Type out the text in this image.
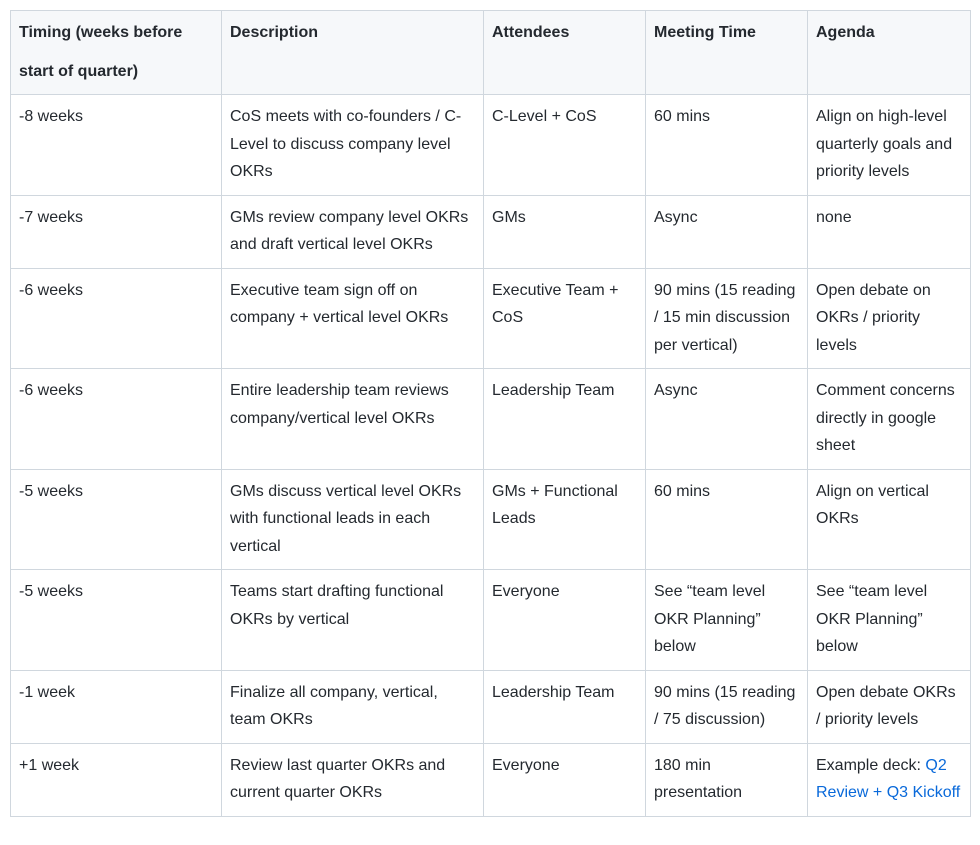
Timing (weeks before start of quarter)	Description	Attendees	Meeting Time	Agenda
-8 weeks	CoS meets with co-founders / C-Level to discuss company level OKRs	C-Level + CoS	60 mins	Align on high-level quarterly goals and priority levels
-7 weeks	GMs review company level OKRs and draft vertical level OKRs	GMs	Async	none
-6 weeks	Executive team sign off on company + vertical level OKRs	Executive Team + CoS	90 mins (15 reading / 15 min discussion per vertical)	Open debate on OKRs / priority levels
-6 weeks	Entire leadership team reviews company/vertical level OKRs	Leadership Team	Async	Comment concerns directly in google sheet
-5 weeks	GMs discuss vertical level OKRs with functional leads in each vertical	GMs + Functional Leads	60 mins	Align on vertical OKRs
-5 weeks	Teams start drafting functional OKRs by vertical	Everyone	See “team level OKR Planning” below	See “team level OKR Planning” below
-1 week	Finalize all company, vertical, team OKRs	Leadership Team	90 mins (15 reading / 75 discussion)	Open debate OKRs / priority levels
+1 week	Review last quarter OKRs and current quarter OKRs	Everyone	180 min presentation	Example deck: Q2 Review + Q3 Kickoff
